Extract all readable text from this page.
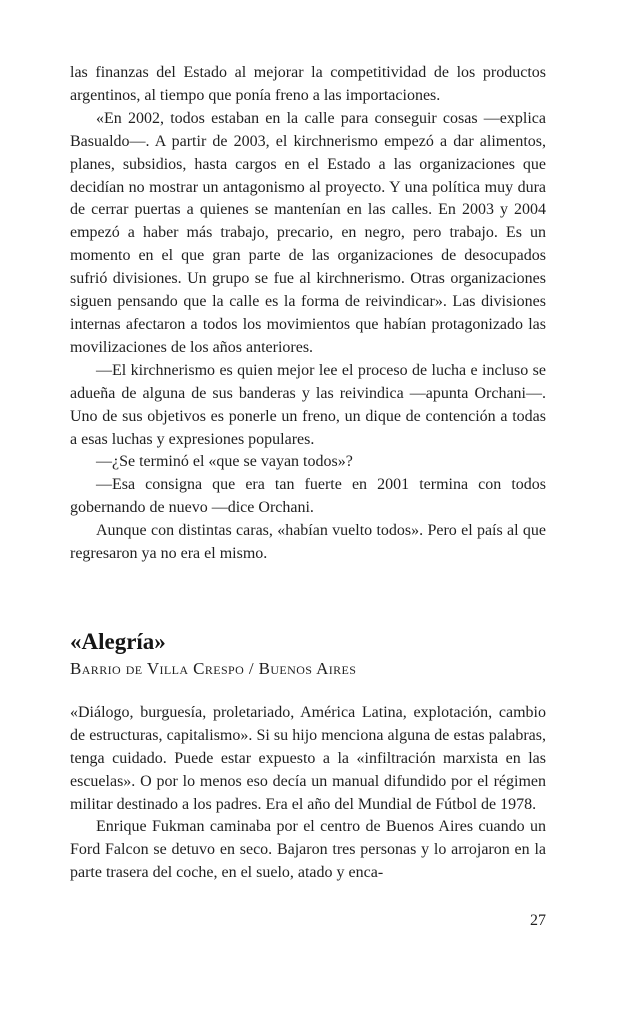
las finanzas del Estado al mejorar la competitividad de los productos argentinos, al tiempo que ponía freno a las importaciones.

«En 2002, todos estaban en la calle para conseguir cosas —explica Basualdo—. A partir de 2003, el kirchnerismo empezó a dar alimentos, planes, subsidios, hasta cargos en el Estado a las organizaciones que decidían no mostrar un antagonismo al proyecto. Y una política muy dura de cerrar puertas a quienes se mantenían en las calles. En 2003 y 2004 empezó a haber más trabajo, precario, en negro, pero trabajo. Es un momento en el que gran parte de las organizaciones de desocupados sufrió divisiones. Un grupo se fue al kirchnerismo. Otras organizaciones siguen pensando que la calle es la forma de reivindicar». Las divisiones internas afectaron a todos los movimientos que habían protagonizado las movilizaciones de los años anteriores.

—El kirchnerismo es quien mejor lee el proceso de lucha e incluso se adueña de alguna de sus banderas y las reivindica —apunta Orchani—. Uno de sus objetivos es ponerle un freno, un dique de contención a todas a esas luchas y expresiones populares.

—¿Se terminó el «que se vayan todos»?

—Esa consigna que era tan fuerte en 2001 termina con todos gobernando de nuevo —dice Orchani.

Aunque con distintas caras, «habían vuelto todos». Pero el país al que regresaron ya no era el mismo.

«Alegría»
Barrio de Villa Crespo / Buenos Aires

«Diálogo, burguesía, proletariado, América Latina, explotación, cambio de estructuras, capitalismo». Si su hijo menciona alguna de estas palabras, tenga cuidado. Puede estar expuesto a la «infiltración marxista en las escuelas». O por lo menos eso decía un manual difundido por el régimen militar destinado a los padres. Era el año del Mundial de Fútbol de 1978.

Enrique Fukman caminaba por el centro de Buenos Aires cuando un Ford Falcon se detuvo en seco. Bajaron tres personas y lo arrojaron en la parte trasera del coche, en el suelo, atado y enca-

27
